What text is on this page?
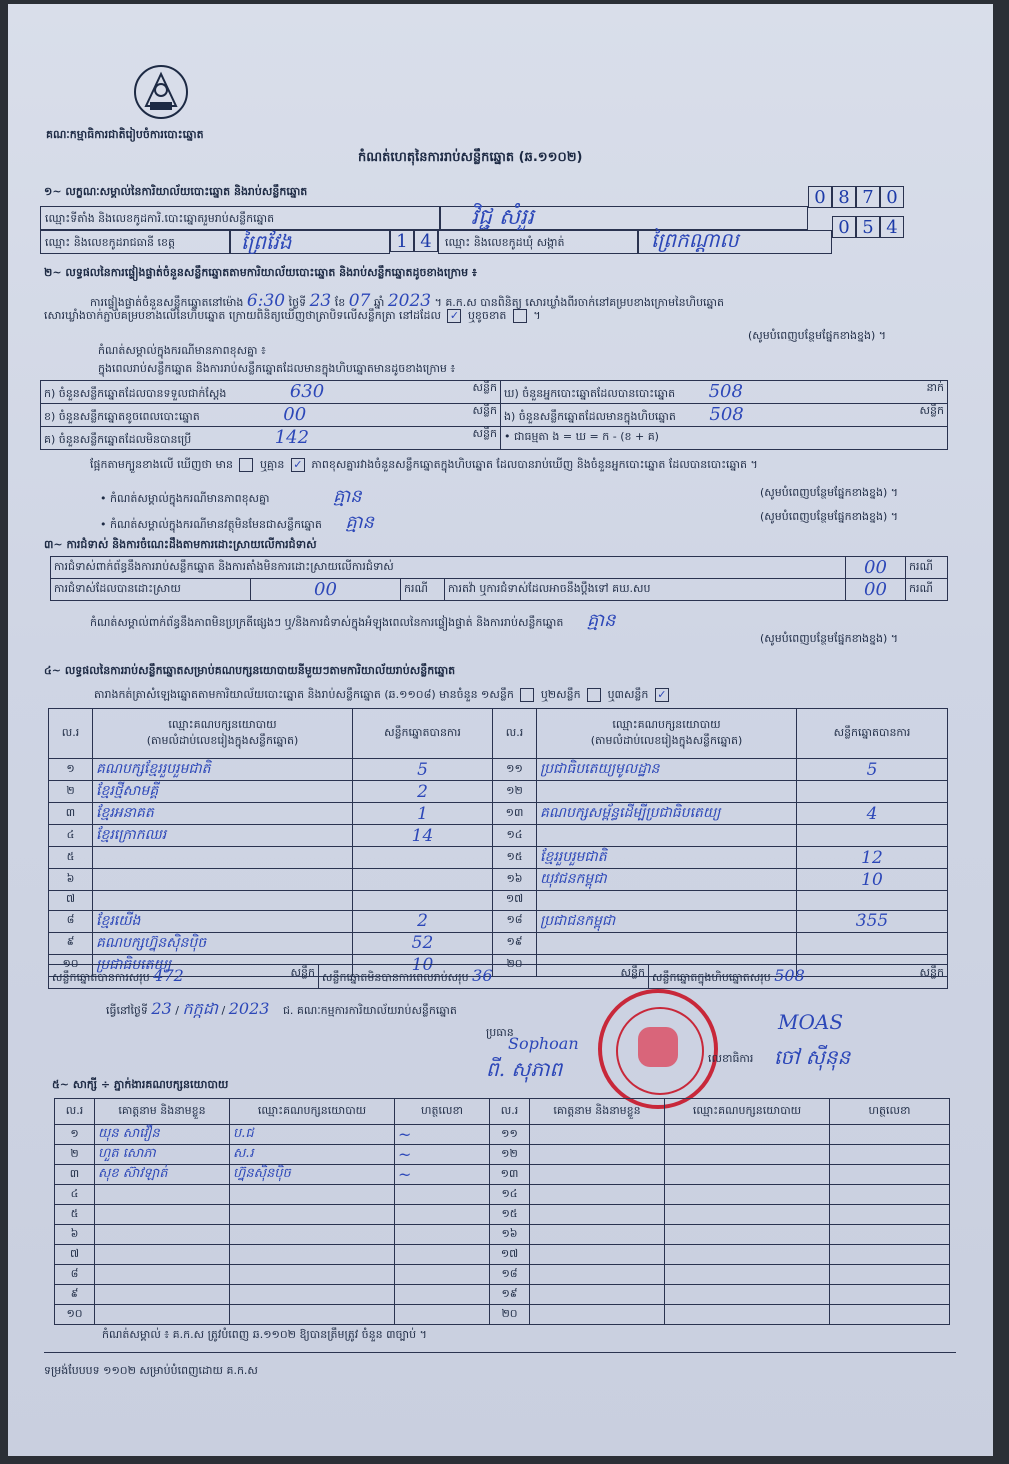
គណៈកម្មាធិការជាតិរៀបចំការបោះឆ្នោត
កំណត់ហេតុនៃការរាប់សន្លឹកឆ្នោត (ឆ.១១០២)
១~ លក្ខណៈសម្គាល់នៃការិយាល័យបោះឆ្នោត និងរាប់សន្លឹកឆ្នោត
ឈ្មោះទីតាំង និងលេខកូដការិ.បោះឆ្នោតរួមរាប់សន្លឹកឆ្នោត	វិជ្ជ សំរួរ
0 8 7 0
ឈ្មោះ និងលេខកូដរាជធានី ខេត្ត	ព្រៃវែង	1 4	ឈ្មោះ និងលេខកូដឃុំ សង្កាត់	ព្រៃកណ្ដាល
0 5 4
២~ លទ្ធផលនៃការផ្ទៀងផ្ទាត់ចំនួនសន្លឹកឆ្នោតតាមការិយាល័យបោះឆ្នោត និងរាប់សន្លឹកឆ្នោតដូចខាងក្រោម ៖
ការផ្ទៀងផ្ទាត់ចំនួនសន្លឹកឆ្នោតនៅម៉ោង 6:30 ថ្ងៃទី 23 ខែ 07 ឆ្នាំ 2023 ។ គ.ក.ស បានពិនិត្យ សោរឃ្លាំងពីរចាក់នៅគម្របខាងក្រោមនៃហិបឆ្នោត
សោរឃ្លាំងចាក់ភ្ជាប់គម្របខាងលើនៃហិបឆ្នោត ក្រោយពិនិត្យឃើញថាត្រាបិទលើសន្លឹកត្រា នៅដដែល ✓ ឬខូចខាត ។
(សូមបំពេញបន្ថែមផ្នែកខាងខ្នង) ។
កំណត់សម្គាល់ក្នុងករណីមានភាពខុសគ្នា ៖
ក្នុងពេលរាប់សន្លឹកឆ្នោត និងការរាប់សន្លឹកឆ្នោតដែលមានក្នុងហិបឆ្នោតមានដូចខាងក្រោម ៖
ក) ចំនួនសន្លឹកឆ្នោតដែលបានទទួលជាក់ស្ដែង 630 សន្លឹក	ឃ) ចំនួនអ្នកបោះឆ្នោតដែលបានបោះឆ្នោត 508 នាក់

ខ) ចំនួនសន្លឹកឆ្នោតខូចពេលបោះឆ្នោត 00 សន្លឹក	ង) ចំនួនសន្លឹកឆ្នោតដែលមានក្នុងហិបឆ្នោត 508 សន្លឹក

គ) ចំនួនសន្លឹកឆ្នោតដែលមិនបានប្រើ 142 សន្លឹក	• ជាធម្មតា ង = ឃ = ក - (ខ + គ)
ផ្អែកតាមក្បួនខាងលើ ឃើញថា មាន ឬគ្មាន ✓ ភាពខុសគ្នារវាងចំនួនសន្លឹកឆ្នោតក្នុងហិបឆ្នោត ដែលបានរាប់ឃើញ និងចំនួនអ្នកបោះឆ្នោត ដែលបានបោះឆ្នោត ។
• កំណត់សម្គាល់ក្នុងករណីមានភាពខុសគ្នា	គ្មាន	(សូមបំពេញបន្ថែមផ្នែកខាងខ្នង) ។
• កំណត់សម្គាល់ក្នុងករណីមានវត្ថុមិនមែនជាសន្លឹកឆ្នោត គ្មាន	(សូមបំពេញបន្ថែមផ្នែកខាងខ្នង) ។
៣~ ការជំទាស់ និងការចំណេះដឹងតាមការដោះស្រាយលើការជំទាស់
ការជំទាស់ពាក់ព័ន្ធនឹងការរាប់សន្លឹកឆ្នោត និងការតាំងមិនការដោះស្រាយលើការជំទាស់				00	ករណី
ការជំទាស់ដែលបានដោះស្រាយ	00	ករណី	ការតវ៉ា ឬការជំទាស់ដែលអាចនឹងប្ដឹងទៅ គឃ.សប	00	ករណី
កំណត់សម្គាល់ពាក់ព័ន្ធនឹងភាពមិនប្រក្រតីផ្សេងៗ ឬ/និងការជំទាស់ក្នុងអំឡុងពេលនៃការផ្ទៀងផ្ទាត់ និងការរាប់សន្លឹកឆ្នោត គ្មាន
(សូមបំពេញបន្ថែមផ្នែកខាងខ្នង) ។
៤~ លទ្ធផលនៃការរាប់សន្លឹកឆ្នោតសម្រាប់គណបក្សនយោបាយនីមួយៗតាមការិយាល័យរាប់សន្លឹកឆ្នោត
តារាងកត់ត្រាសំឡេងឆ្នោតតាមការិយាល័យបោះឆ្នោត និងរាប់សន្លឹកឆ្នោត (ឆ.១១០៨) មានចំនួន ១សន្លឹក ឬ២សន្លឹក ឬ៣សន្លឹក ✓
ល.រ	ឈ្មោះគណបក្សនយោបាយ
(តាមលំដាប់លេខរៀងក្នុងសន្លឹកឆ្នោត)	សន្លឹកឆ្នោតបានការ	ល.រ	ឈ្មោះគណបក្សនយោបាយ
(តាមលំដាប់លេខរៀងក្នុងសន្លឹកឆ្នោត)	សន្លឹកឆ្នោតបានការ
១	គណបក្សខ្មែររួបរួមជាតិ	5	១១	ប្រជាធិបតេយ្យមូលដ្ឋាន	5
២	ខ្មែរថ្មីសាមគ្គី	2	១២		
៣	ខ្មែរអនាគត	1	១៣	គណបក្សសម្ព័ន្ធដើម្បីប្រជាធិបតេយ្យ	4
៤	ខ្មែរក្រោកឈរ	14	១៤		
៥			១៥	ខ្មែររួបរួមជាតិ	12
៦			១៦	យុវជនកម្ពុជា	10
៧			១៧		
៨	ខ្មែរយើង	2	១៨	ប្រជាជនកម្ពុជា	355
៩	គណបក្សហ្វ៊ុនស៊ិនប៉ិច	52	១៩		
១០	ប្រជាធិបតេយ្យ	10	២០		
សន្លឹកឆ្នោតបានការសរុប 472	សន្លឹក	សន្លឹកឆ្នោតមិនបានការពេលរាប់សរុប 36	សន្លឹក	សន្លឹកឆ្នោតក្នុងហិបឆ្នោតសរុប 508	សន្លឹក
ធ្វើនៅថ្ងៃទី 23 / កក្កដា / 2023 ជ. គណៈកម្មការការិយាល័យរាប់សន្លឹកឆ្នោត
ប្រធាន
Sophoan
ពី. សុភាព
MOAS
លេខាធិការ ចៅ ស៊ីនុន
៥~ សាក្សី ÷ ភ្នាក់ងារគណបក្សនយោបាយ
ល.រ	គោត្តនាម និងនាមខ្លួន	ឈ្មោះគណបក្សនយោបាយ	ហត្ថលេខា	ល.រ	គោត្តនាម និងនាមខ្លួន	ឈ្មោះគណបក្សនយោបាយ	ហត្ថលេខា
១	យុន សាវឿន	ប.ជ	~	១១			
២	ហួត សោភា	ស.រ	~	១២			
៣	សុខ ស៊ាវឡាត់	ហ្វ៊ុនស៊ិនប៉ិច	~	១៣			
៤				១៤			
៥				១៥			
៦				១៦			
៧				១៧			
៨				១៨			
៩				១៩			
១០				២០			
កំណត់សម្គាល់ ៖ គ.ក.ស ត្រូវបំពេញ ឆ.១១០២ ឱ្យបានត្រឹមត្រូវ ចំនួន ៣ច្បាប់ ។
ទម្រង់បែបបទ ១១០២ សម្រាប់បំពេញដោយ គ.ក.ស
